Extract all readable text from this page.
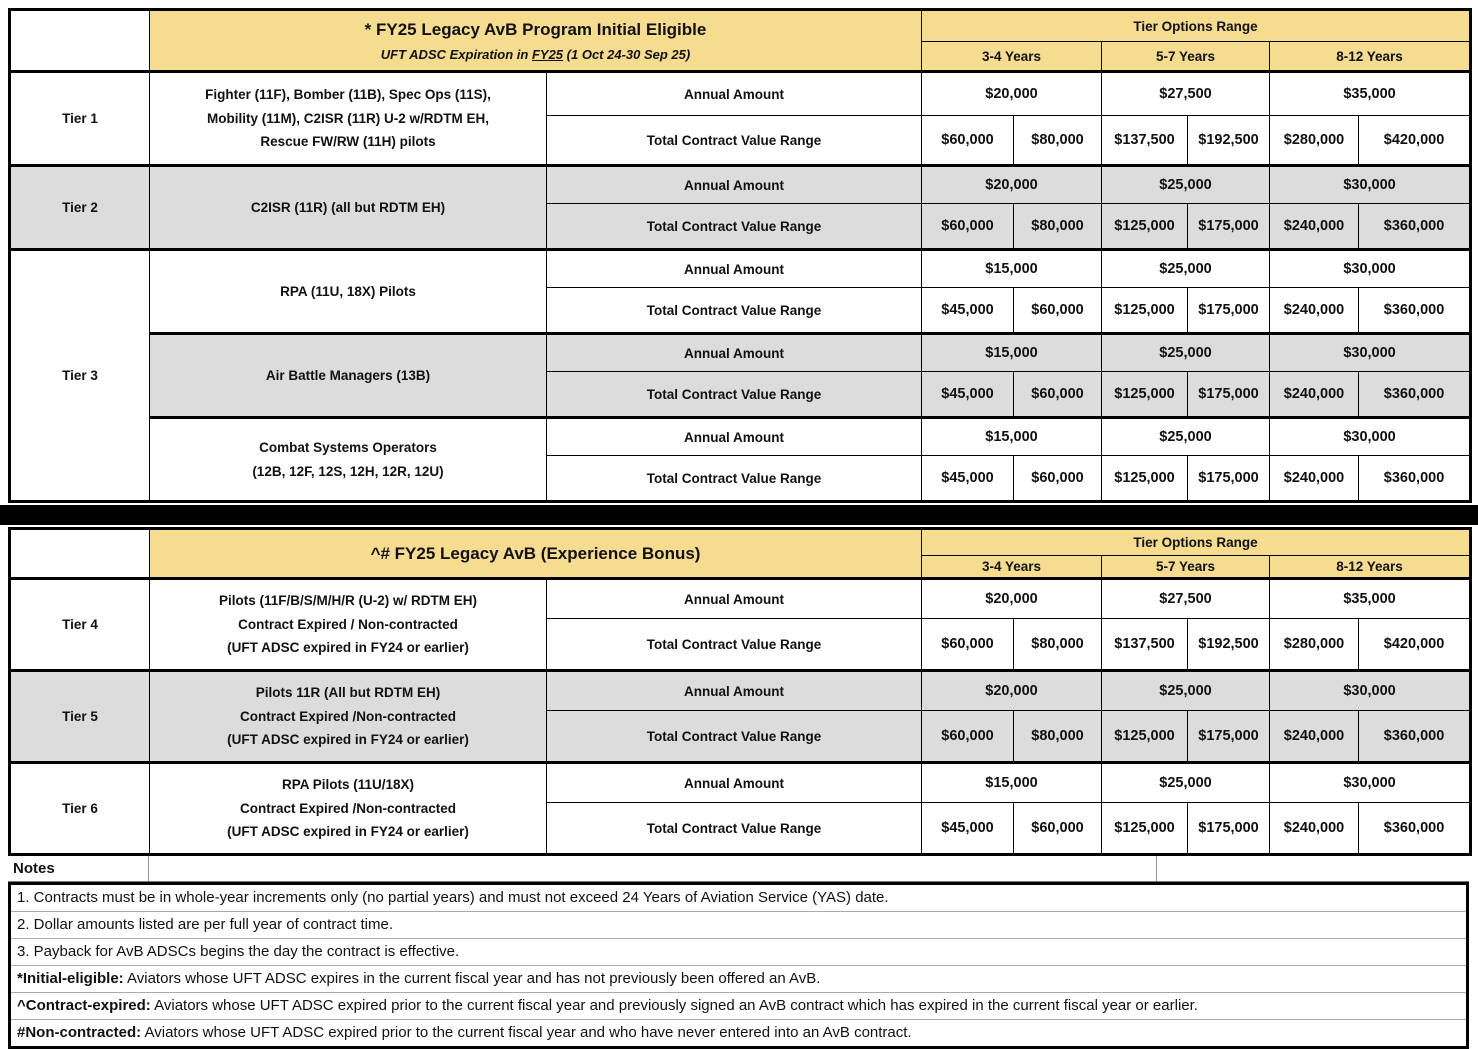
	* FY25 Legacy AvB Program Initial Eligible
UFT ADSC Expiration in FY25 (1 Oct 24-30 Sep 25)		Tier Options Range					
			3-4 Years		5-7 Years		8-12 Years	
Tier 1	Fighter (11F), Bomber (11B), Spec Ops (11S),
Mobility (11M), C2ISR (11R) U-2 w/RDTM EH,
Rescue FW/RW (11H) pilots	Annual Amount	$20,000		$27,500		$35,000	
		Total Contract Value Range	$60,000	$80,000	$137,500	$192,500	$280,000	$420,000
Tier 2	C2ISR (11R) (all but RDTM EH)	Annual Amount	$20,000		$25,000		$30,000	
		Total Contract Value Range	$60,000	$80,000	$125,000	$175,000	$240,000	$360,000
Tier 3	RPA (11U, 18X) Pilots	Annual Amount	$15,000		$25,000		$30,000	
		Total Contract Value Range	$45,000	$60,000	$125,000	$175,000	$240,000	$360,000

	Air Battle Managers (13B)	Annual Amount	$15,000		$25,000		$30,000	
		Total Contract Value Range	$45,000	$60,000	$125,000	$175,000	$240,000	$360,000

	Combat Systems Operators
(12B, 12F, 12S, 12H, 12R, 12U)	Annual Amount	$15,000		$25,000		$30,000	
		Total Contract Value Range	$45,000	$60,000	$125,000	$175,000	$240,000	$360,000

	^# FY25 Legacy AvB (Experience Bonus)		Tier Options Range					
			3-4 Years		5-7 Years		8-12 Years	
Tier 4	Pilots (11F/B/S/M/H/R (U-2) w/ RDTM EH)
Contract Expired / Non-contracted
(UFT ADSC expired in FY24 or earlier)	Annual Amount	$20,000		$27,500		$35,000	
		Total Contract Value Range	$60,000	$80,000	$137,500	$192,500	$280,000	$420,000
Tier 5	Pilots 11R (All but RDTM EH)
Contract Expired /Non-contracted
(UFT ADSC expired in FY24 or earlier)	Annual Amount	$20,000		$25,000		$30,000	
		Total Contract Value Range	$60,000	$80,000	$125,000	$175,000	$240,000	$360,000
Tier 6	RPA Pilots (11U/18X)
Contract Expired /Non-contracted
(UFT ADSC expired in FY24 or earlier)	Annual Amount	$15,000		$25,000		$30,000	
		Total Contract Value Range	$45,000	$60,000	$125,000	$175,000	$240,000	$360,000
Notes
1. Contracts must be in whole-year increments only (no partial years) and must not exceed 24 Years of Aviation Service (YAS) date.
2. Dollar amounts listed are per full year of contract time.
3. Payback for AvB ADSCs begins the day the contract is effective.
*Initial-eligible: Aviators whose UFT ADSC expires in the current fiscal year and has not previously been offered an AvB.
^Contract-expired: Aviators whose UFT ADSC expired prior to the current fiscal year and previously signed an AvB contract which has expired in the current fiscal year or earlier.
#Non-contracted: Aviators whose UFT ADSC expired prior to the current fiscal year and who have never entered into an AvB contract.
